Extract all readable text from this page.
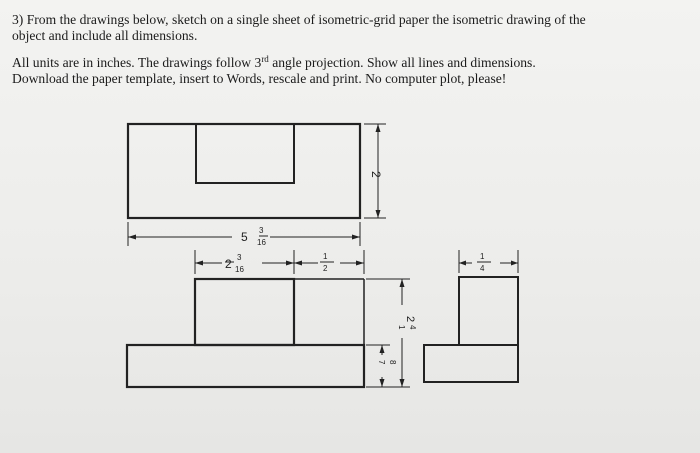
3) From the drawings below, sketch on a single sheet of isometric-grid paper the isometric drawing of the

object and include all dimensions.

All units are in inches. The drawings follow 3rd angle projection. Show all lines and dimensions.

Download the paper template, insert to Words, rescale and print. No computer plot, please!

2
5 3
16
2 3
16
1
2
2
1 4
7 8
1
4
